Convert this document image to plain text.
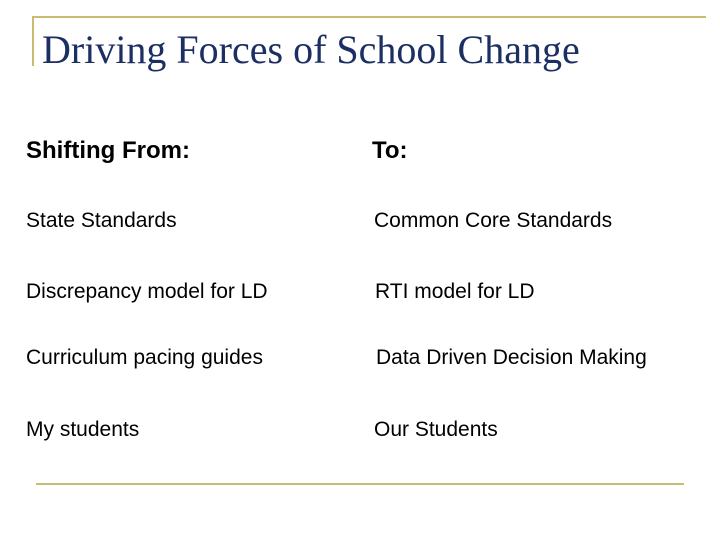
Driving Forces of School Change
Shifting From:	To:
State Standards	Common Core Standards
Discrepancy model for LD	RTI model for LD
Curriculum pacing guides	Data Driven Decision Making
My students	Our Students
